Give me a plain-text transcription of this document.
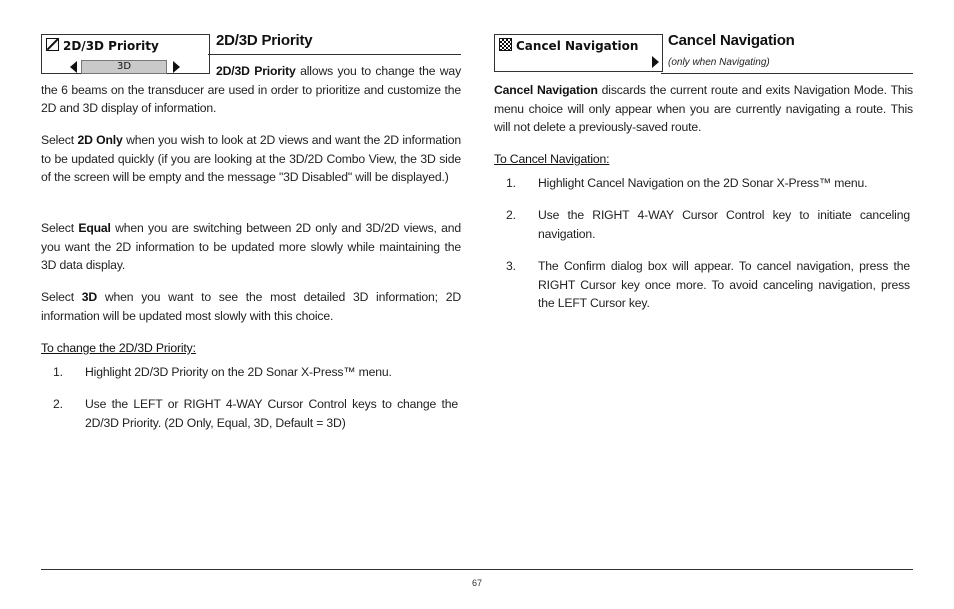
2D/3D Priority
3D
2D/3D Priority

2D/3D Priority allows you to change the way the 6 beams on the transducer are used in order to prioritize and customize the 2D and 3D display of information.

Select 2D Only when you wish to look at 2D views and want the 2D information to be updated quickly (if you are looking at the 3D/2D Combo View, the 3D side of the screen will be empty and the message "3D Disabled" will be displayed.)

Select Equal when you are switching between 2D only and 3D/2D views, and you want the 2D information to be updated more slowly while maintaining the 3D data display.

Select 3D when you want to see the most detailed 3D information; 2D information will be updated most slowly with this choice.

To change the 2D/3D Priority:
1. Highlight 2D/3D Priority on the 2D Sonar X-Press™ menu.
2. Use the LEFT or RIGHT 4-WAY Cursor Control keys to change the 2D/3D Priority. (2D Only, Equal, 3D, Default = 3D)
Cancel Navigation Cancel Navigation
(only when Navigating)

Cancel Navigation discards the current route and exits Navigation Mode. This menu choice will only appear when you are currently navigating a route. This will not delete a previously-saved route.

To Cancel Navigation:
1. Highlight Cancel Navigation on the 2D Sonar X-Press™ menu.
2. Use the RIGHT 4-WAY Cursor Control key to initiate canceling navigation.
3. The Confirm dialog box will appear. To cancel navigation, press the RIGHT Cursor key once more. To avoid canceling navigation, press the LEFT Cursor key.
67
